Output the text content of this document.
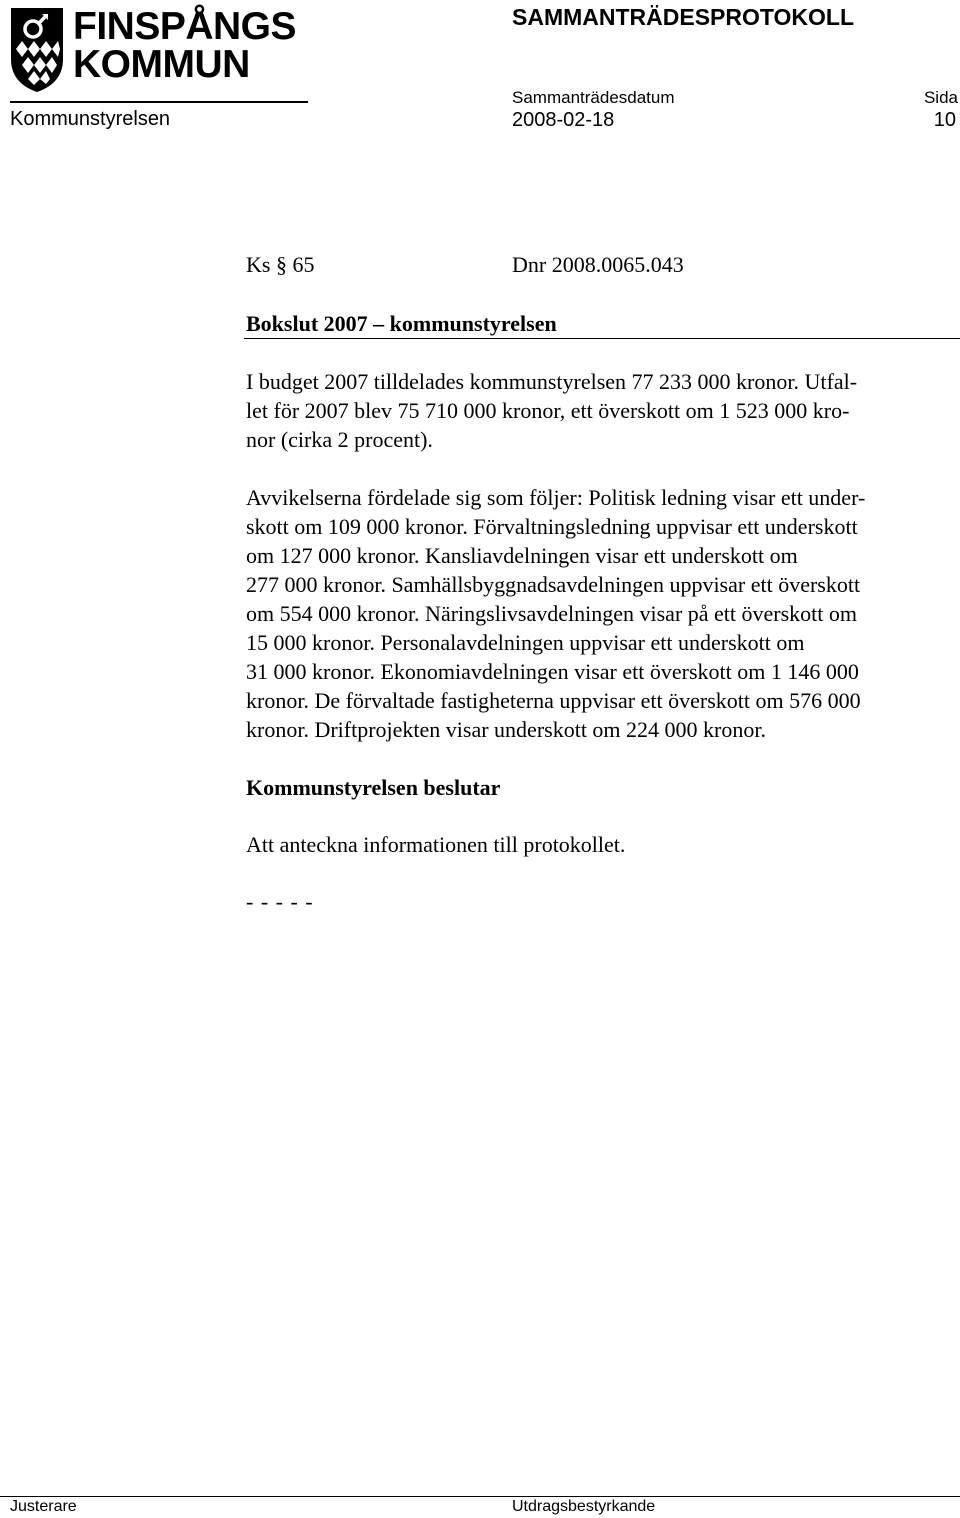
FINSPÅNGS
KOMMUN
SAMMANTRÄDESPROTOKOLL
Kommunstyrelsen
Sammanträdesdatum
2008-02-18
Sida
10
Ks § 65	Dnr 2008.0065.043
Bokslut 2007 – kommunstyrelsen
I budget 2007 tilldelades kommunstyrelsen 77 233 000 kronor. Utfal-
let för 2007 blev 75 710 000 kronor, ett överskott om 1 523 000 kro-
nor (cirka 2 procent).
Avvikelserna fördelade sig som följer: Politisk ledning visar ett under-
skott om 109 000 kronor. Förvaltningsledning uppvisar ett underskott
om 127 000 kronor. Kansliavdelningen visar ett underskott om
277 000 kronor. Samhällsbyggnadsavdelningen uppvisar ett överskott
om 554 000 kronor. Näringslivsavdelningen visar på ett överskott om
15 000 kronor. Personalavdelningen uppvisar ett underskott om
31 000 kronor. Ekonomiavdelningen visar ett överskott om 1 146 000
kronor. De förvaltade fastigheterna uppvisar ett överskott om 576 000
kronor. Driftprojekten visar underskott om 224 000 kronor.
Kommunstyrelsen beslutar
Att anteckna informationen till protokollet.
- - - - -
Justerare	Utdragsbestyrkande
